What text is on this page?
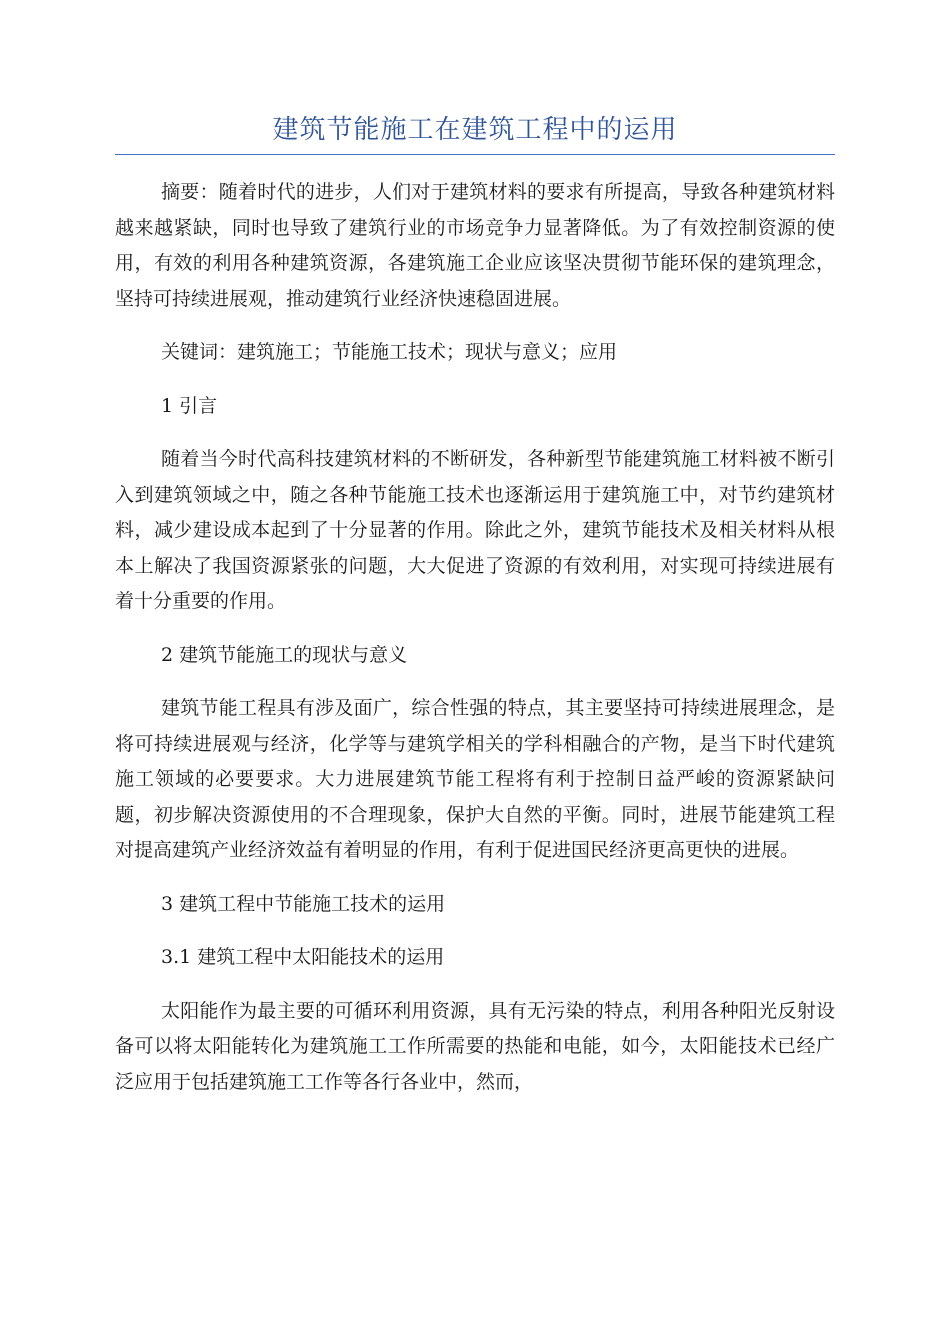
建筑节能施工在建筑工程中的运用

摘要：随着时代的进步，人们对于建筑材料的要求有所提高，导致各种建筑材料越来越紧缺，同时也导致了建筑行业的市场竞争力显著降低。为了有效控制资源的使用，有效的利用各种建筑资源，各建筑施工企业应该坚决贯彻节能环保的建筑理念，坚持可持续进展观，推动建筑行业经济快速稳固进展。

关键词：建筑施工；节能施工技术；现状与意义；应用

1 引言

随着当今时代高科技建筑材料的不断研发，各种新型节能建筑施工材料被不断引入到建筑领域之中，随之各种节能施工技术也逐渐运用于建筑施工中，对节约建筑材料，减少建设成本起到了十分显著的作用。除此之外，建筑节能技术及相关材料从根本上解决了我国资源紧张的问题，大大促进了资源的有效利用，对实现可持续进展有着十分重要的作用。

2 建筑节能施工的现状与意义

建筑节能工程具有涉及面广，综合性强的特点，其主要坚持可持续进展理念，是将可持续进展观与经济，化学等与建筑学相关的学科相融合的产物，是当下时代建筑施工领域的必要要求。大力进展建筑节能工程将有利于控制日益严峻的资源紧缺问题，初步解决资源使用的不合理现象，保护大自然的平衡。同时，进展节能建筑工程对提高建筑产业经济效益有着明显的作用，有利于促进国民经济更高更快的进展。

3 建筑工程中节能施工技术的运用

3.1 建筑工程中太阳能技术的运用

太阳能作为最主要的可循环利用资源，具有无污染的特点，利用各种阳光反射设备可以将太阳能转化为建筑施工工作所需要的热能和电能，如今，太阳能技术已经广泛应用于包括建筑施工工作等各行各业中，然而，
